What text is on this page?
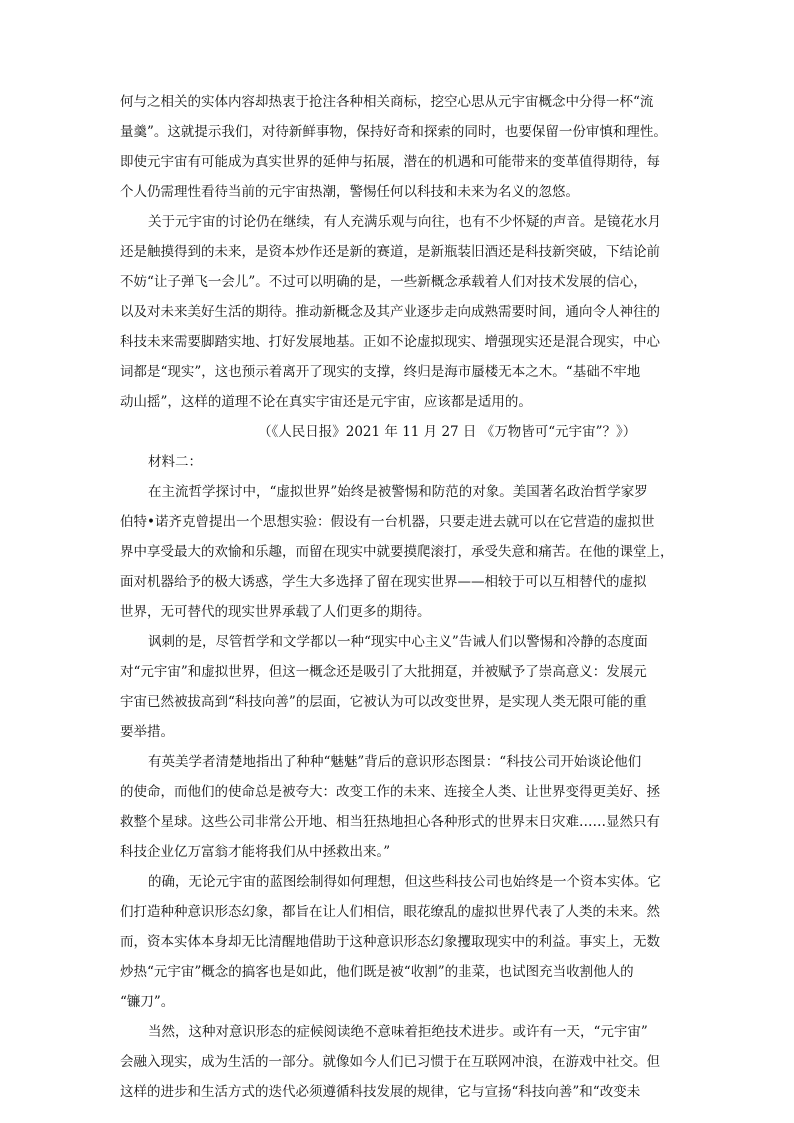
何与之相关的实体内容却热衷于抢注各种相关商标，挖空心思从元宇宙概念中分得一杯“流

量羹”。这就提示我们，对待新鲜事物，保持好奇和探索的同时，也要保留一份审慎和理性。

即使元宇宙有可能成为真实世界的延伸与拓展，潜在的机遇和可能带来的变革值得期待，每

个人仍需理性看待当前的元宇宙热潮，警惕任何以科技和未来为名义的忽悠。

关于元宇宙的讨论仍在继续，有人充满乐观与向往，也有不少怀疑的声音。是镜花水月

还是触摸得到的未来，是资本炒作还是新的赛道，是新瓶装旧酒还是科技新突破，下结论前

不妨“让子弹飞一会儿”。不过可以明确的是，一些新概念承载着人们对技术发展的信心，

以及对未来美好生活的期待。推动新概念及其产业逐步走向成熟需要时间，通向令人神往的

科技未来需要脚踏实地、打好发展地基。正如不论虚拟现实、增强现实还是混合现实，中心

词都是“现实”，这也预示着离开了现实的支撑，终归是海市蜃楼无本之木。“基础不牢地

动山摇”，这样的道理不论在真实宇宙还是元宇宙，应该都是适用的。

（《人民日报》2021 年 11 月 27 日 《万物皆可“元宇宙”？》）

材料二：

在主流哲学探讨中，“虚拟世界”始终是被警惕和防范的对象。美国著名政治哲学家罗

伯特•诺齐克曾提出一个思想实验：假设有一台机器，只要走进去就可以在它营造的虚拟世

界中享受最大的欢愉和乐趣，而留在现实中就要摸爬滚打，承受失意和痛苦。在他的课堂上，

面对机器给予的极大诱惑，学生大多选择了留在现实世界——相较于可以互相替代的虚拟

世界，无可替代的现实世界承载了人们更多的期待。

讽刺的是，尽管哲学和文学都以一种“现实中心主义”告诫人们以警惕和冷静的态度面

对“元宇宙”和虚拟世界，但这一概念还是吸引了大批拥趸，并被赋予了崇高意义：发展元

宇宙已然被拔高到“科技向善”的层面，它被认为可以改变世界，是实现人类无限可能的重

要举措。

有英美学者清楚地指出了种种“魅魅”背后的意识形态图景：“科技公司开始谈论他们

的使命，而他们的使命总是被夸大：改变工作的未来、连接全人类、让世界变得更美好、拯

救整个星球。这些公司非常公开地、相当狂热地担心各种形式的世界末日灾难……显然只有

科技企业亿万富翁才能将我们从中拯救出来。”

的确，无论元宇宙的蓝图绘制得如何理想，但这些科技公司也始终是一个资本实体。它

们打造种种意识形态幻象，都旨在让人们相信，眼花缭乱的虚拟世界代表了人类的未来。然

而，资本实体本身却无比清醒地借助于这种意识形态幻象攫取现实中的利益。事实上，无数

炒热“元宇宙”概念的搞客也是如此，他们既是被“收割”的韭菜，也试图充当收割他人的

“镰刀”。

当然，这种对意识形态的症候阅读绝不意味着拒绝技术进步。或许有一天，“元宇宙”

会融入现实，成为生活的一部分。就像如今人们已习惯于在互联网冲浪，在游戏中社交。但

这样的进步和生活方式的迭代必须遵循科技发展的规律，它与宣扬“科技向善”和“改变未
